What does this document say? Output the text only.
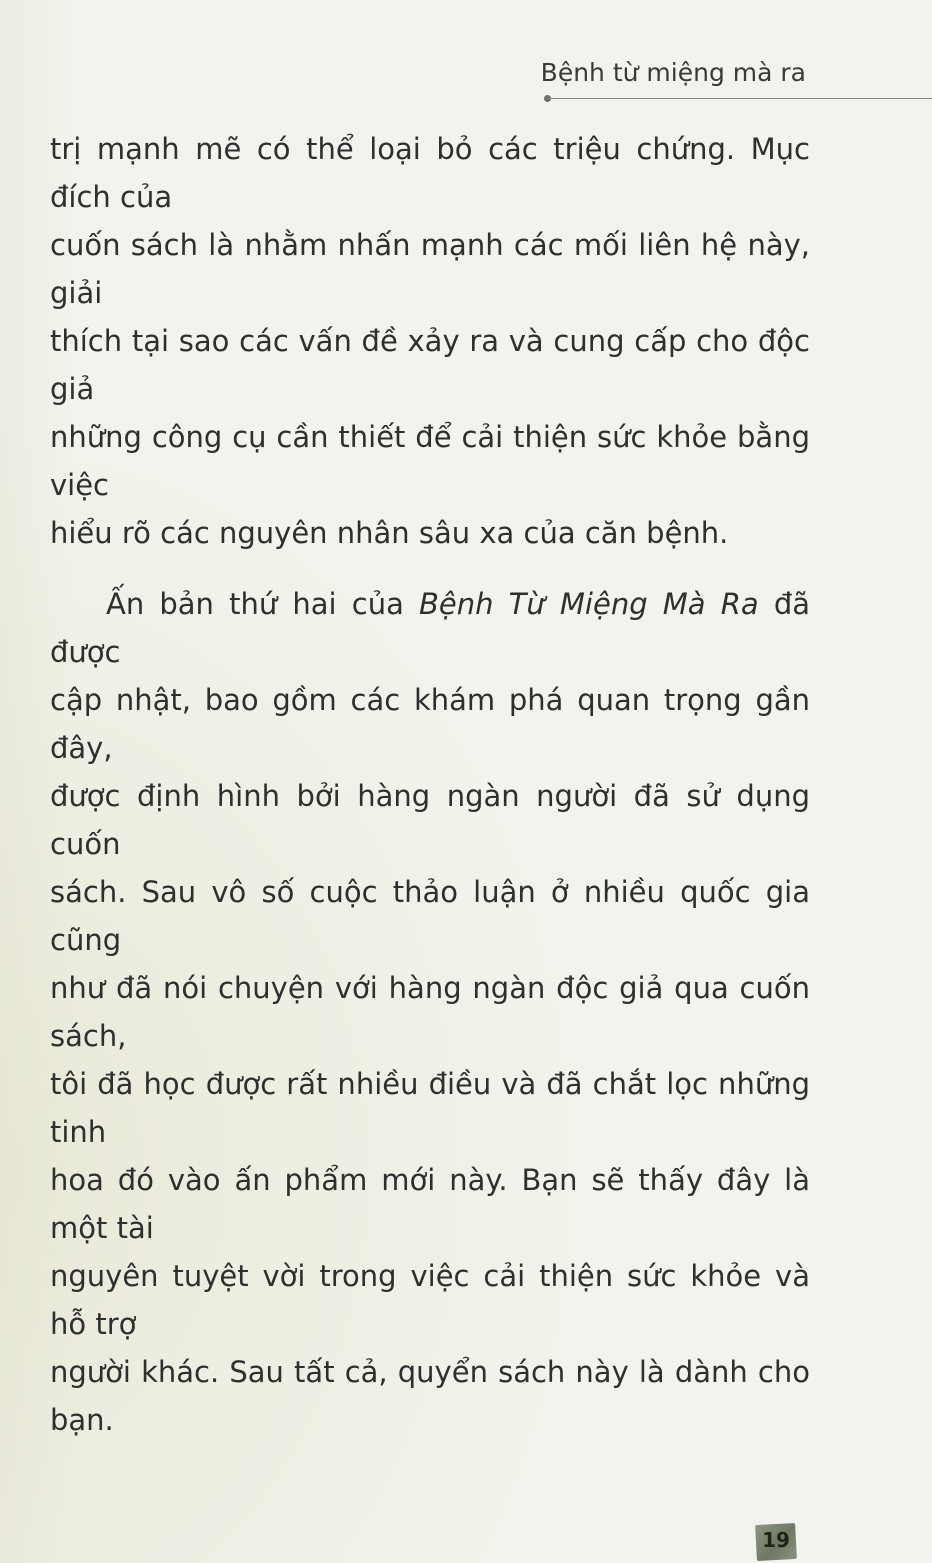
Bệnh từ miệng mà ra

trị mạnh mẽ có thể loại bỏ các triệu chứng. Mục đích của
cuốn sách là nhằm nhấn mạnh các mối liên hệ này, giải
thích tại sao các vấn đề xảy ra và cung cấp cho độc giả
những công cụ cần thiết để cải thiện sức khỏe bằng việc
hiểu rõ các nguyên nhân sâu xa của căn bệnh.

Ấn bản thứ hai của Bệnh Từ Miệng Mà Ra đã được
cập nhật, bao gồm các khám phá quan trọng gần đây,
được định hình bởi hàng ngàn người đã sử dụng cuốn
sách. Sau vô số cuộc thảo luận ở nhiều quốc gia cũng
như đã nói chuyện với hàng ngàn độc giả qua cuốn sách,
tôi đã học được rất nhiều điều và đã chắt lọc những tinh
hoa đó vào ấn phẩm mới này. Bạn sẽ thấy đây là một tài
nguyên tuyệt vời trong việc cải thiện sức khỏe và hỗ trợ
người khác. Sau tất cả, quyển sách này là dành cho bạn.

19
